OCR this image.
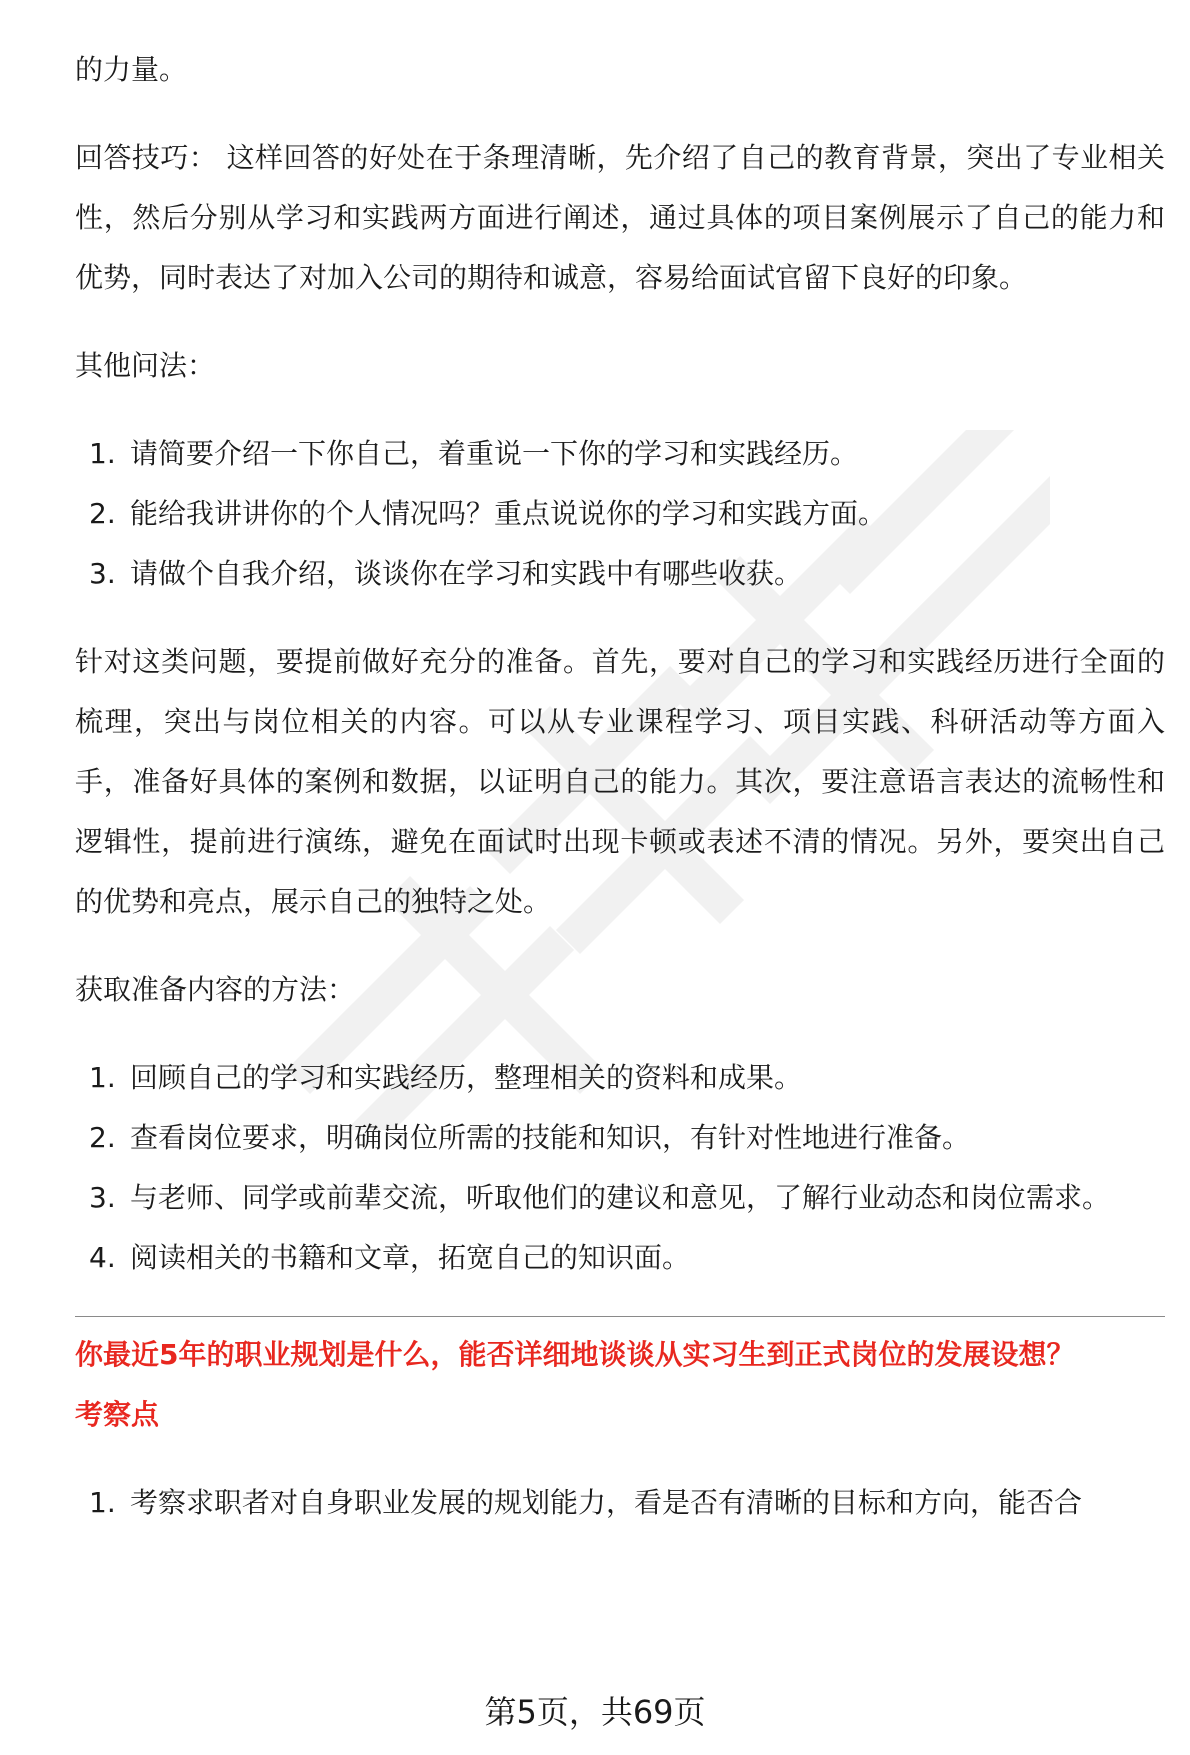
的力量。

回答技巧： 这样回答的好处在于条理清晰，先介绍了自己的教育背景，突出了专业相关性，然后分别从学习和实践两方面进行阐述，通过具体的项目案例展示了自己的能力和优势，同时表达了对加入公司的期待和诚意，容易给面试官留下良好的印象。

其他问法：

1. 请简要介绍一下你自己，着重说一下你的学习和实践经历。
2. 能给我讲讲你的个人情况吗？重点说说你的学习和实践方面。
3. 请做个自我介绍，谈谈你在学习和实践中有哪些收获。

针对这类问题，要提前做好充分的准备。首先，要对自己的学习和实践经历进行全面的梳理，突出与岗位相关的内容。可以从专业课程学习、项目实践、科研活动等方面入手，准备好具体的案例和数据，以证明自己的能力。其次，要注意语言表达的流畅性和逻辑性，提前进行演练，避免在面试时出现卡顿或表述不清的情况。另外，要突出自己的优势和亮点，展示自己的独特之处。

获取准备内容的方法：

1. 回顾自己的学习和实践经历，整理相关的资料和成果。
2. 查看岗位要求，明确岗位所需的技能和知识，有针对性地进行准备。
3. 与老师、同学或前辈交流，听取他们的建议和意见，了解行业动态和岗位需求。
4. 阅读相关的书籍和文章，拓宽自己的知识面。

你最近5年的职业规划是什么，能否详细地谈谈从实习生到正式岗位的发展设想？

考察点

1. 考察求职者对自身职业发展的规划能力，看是否有清晰的目标和方向，能否合
第5页，共69页
